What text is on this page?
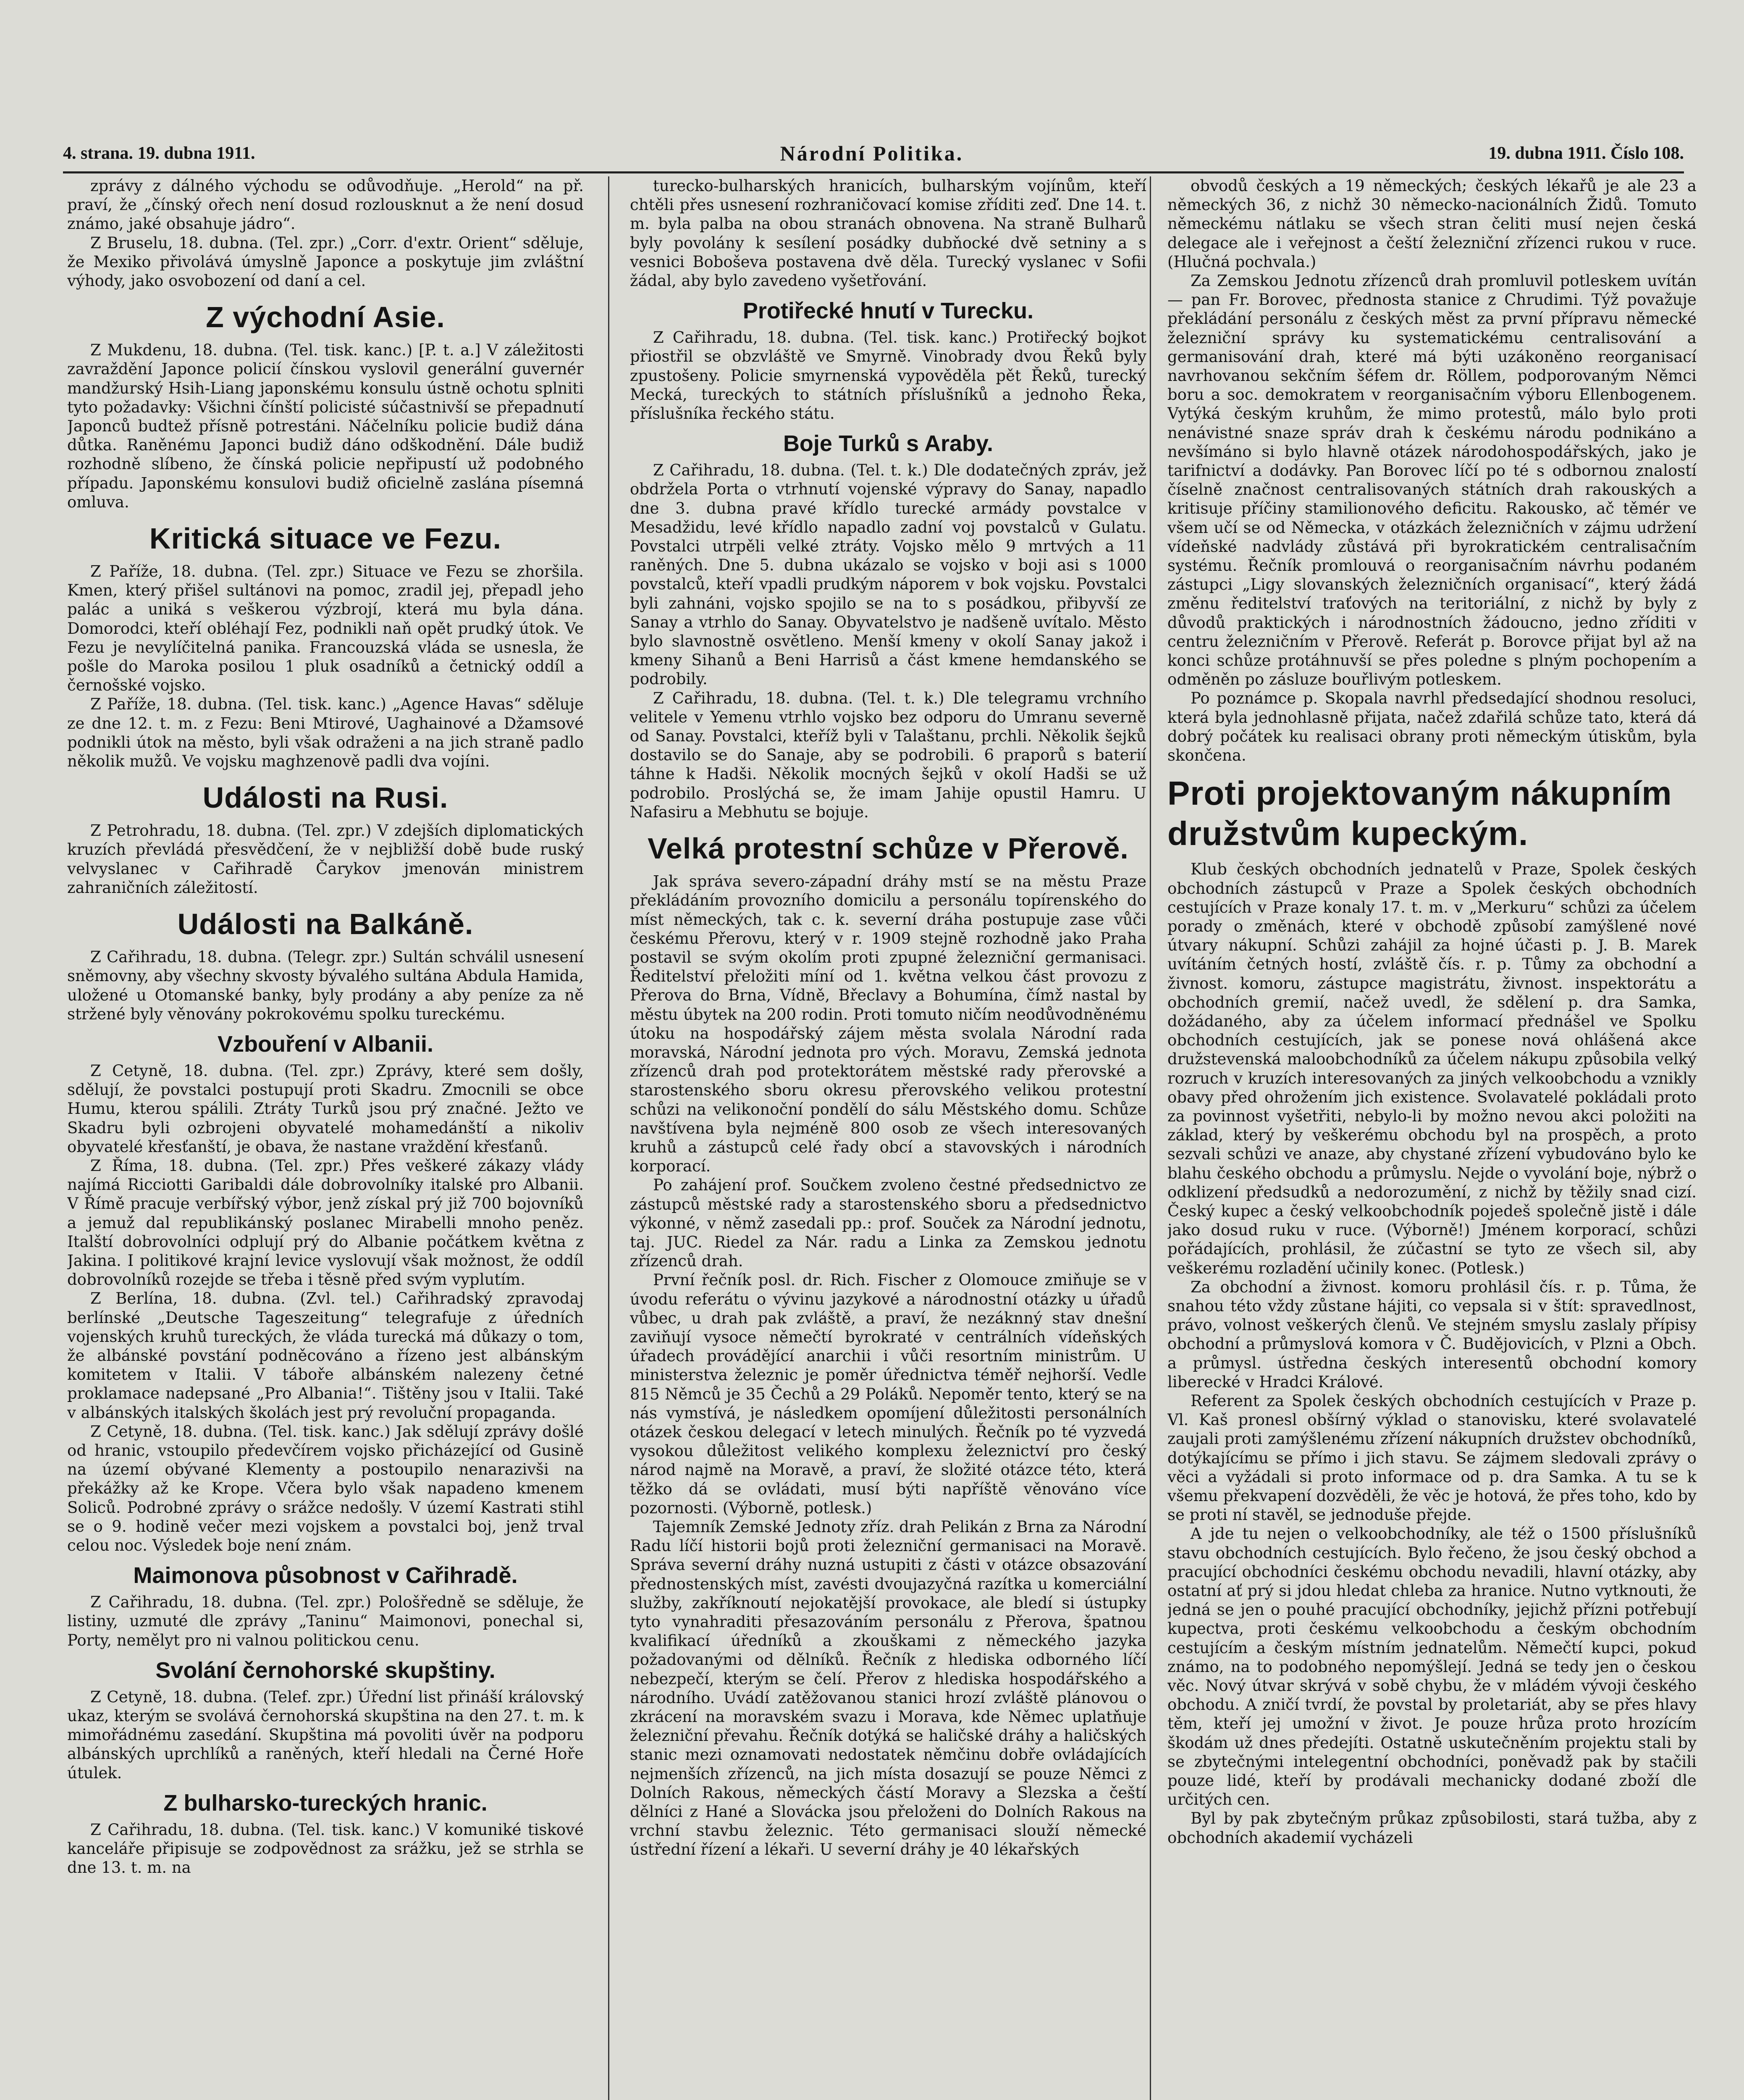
4. strana. 19. dubna 1911.	Národní Politika.	19. dubna 1911. Číslo 108.

zprávy z dálného východu se odůvodňuje. „Herold“ na př. praví, že „čínský ořech není dosud rozlousknut a že není dosud známo, jaké obsahuje jádro“.

Z Bruselu, 18. dubna. (Tel. zpr.) „Corr. d'extr. Orient“ sděluje, že Mexiko přivolává úmyslně Japonce a poskytuje jim zvláštní výhody, jako osvobození od daní a cel.

Z východní Asie.

Z Mukdenu, 18. dubna. (Tel. tisk. kanc.) [P. t. a.] V záležitosti zavraždění Japonce policií čínskou vyslovil generální guvernér mandžurský Hsih-Liang japonskému konsulu ústně ochotu splniti tyto požadavky: Všichni čínští policisté súčastnivší se přepadnutí Japonců budtež přísně potrestáni. Náčelníku policie budiž dána důtka. Raněnému Japonci budiž dáno odškodnění. Dále budiž rozhodně slíbeno, že čínská policie nepřipustí už podobného případu. Japonskému konsulovi budiž oficielně zaslána písemná omluva.

Kritická situace ve Fezu.

Z Paříže, 18. dubna. (Tel. zpr.) Situace ve Fezu se zhoršila. Kmen, který přišel sultánovi na pomoc, zradil jej, přepadl jeho palác a uniká s veškerou výzbrojí, která mu byla dána. Domorodci, kteří obléhají Fez, podnikli naň opět prudký útok. Ve Fezu je nevylíčitelná panika. Francouzská vláda se usnesla, že pošle do Maroka posilou 1 pluk osadníků a četnický oddíl a černošské vojsko.

Z Paříže, 18. dubna. (Tel. tisk. kanc.) „Agence Havas“ sděluje ze dne 12. t. m. z Fezu: Beni Mtirové, Uaghainové a Džamsové podnikli útok na město, byli však odraženi a na jich straně padlo několik mužů. Ve vojsku maghzenově padli dva vojíni.

Události na Rusi.

Z Petrohradu, 18. dubna. (Tel. zpr.) V zdejších diplomatických kruzích převládá přesvědčení, že v nejbližší době bude ruský velvyslanec v Cařihradě Čarykov jmenován ministrem zahraničních záležitostí.

Události na Balkáně.

Z Cařihradu, 18. dubna. (Telegr. zpr.) Sultán schválil usnesení sněmovny, aby všechny skvosty bývalého sultána Abdula Hamida, uložené u Otomanské banky, byly prodány a aby peníze za ně stržené byly věnovány pokrokovému spolku tureckému.

Vzbouření v Albanii.

Z Cetyně, 18. dubna. (Tel. zpr.) Zprávy, které sem došly, sdělují, že povstalci postupují proti Skadru. Zmocnili se obce Humu, kterou spálili. Ztráty Turků jsou prý značné. Ježto ve Skadru byli ozbrojeni obyvatelé mohamedánští a nikoliv obyvatelé křesťanští, je obava, že nastane vraždění křesťanů.

Z Říma, 18. dubna. (Tel. zpr.) Přes veškeré zákazy vlády najímá Ricciotti Garibaldi dále dobrovolníky italské pro Albanii. V Římě pracuje verbířský výbor, jenž získal prý již 700 bojovníků a jemuž dal republikánský poslanec Mirabelli mnoho peněz. Italští dobrovolníci odplují prý do Albanie počátkem května z Jakina. I politikové krajní levice vyslovují však možnost, že oddíl dobrovolníků rozejde se třeba i těsně před svým vyplutím.

Z Berlína, 18. dubna. (Zvl. tel.) Cařihradský zpravodaj berlínské „Deutsche Tageszeitung“ telegrafuje z úředních vojenských kruhů tureckých, že vláda turecká má důkazy o tom, že albánské povstání podněcováno a řízeno jest albánským komitetem v Italii. V táboře albánském nalezeny četné proklamace nadepsané „Pro Albania!“. Tištěny jsou v Italii. Také v albánských italských školách jest prý revoluční propaganda.

Z Cetyně, 18. dubna. (Tel. tisk. kanc.) Jak sdělují zprávy došlé od hranic, vstoupilo předevčírem vojsko přicházející od Gusině na území obývané Klementy a postoupilo nenarazivši na překážky až ke Krope. Včera bylo však napadeno kmenem Soliců. Podrobné zprávy o srážce nedošly. V území Kastrati stihl se o 9. hodině večer mezi vojskem a povstalci boj, jenž trval celou noc. Výsledek boje není znám.

Maimonova působnost v Cařihradě.

Z Cařihradu, 18. dubna. (Tel. zpr.) Pološředně se sděluje, že listiny, uzmuté dle zprávy „Taninu“ Maimonovi, ponechal si, Porty, nemělyt pro ni valnou politickou cenu.

Svolání černohorské skupštiny.

Z Cetyně, 18. dubna. (Telef. zpr.) Úřední list přináší královský ukaz, kterým se svolává černohorská skupština na den 27. t. m. k mimořádnému zasedání. Skupština má povoliti úvěr na podporu albánských uprchlíků a raněných, kteří hledali na Černé Hoře útulek.

Z bulharsko-tureckých hranic.

Z Cařihradu, 18. dubna. (Tel. tisk. kanc.) V komuniké tiskové kanceláře připisuje se zodpovědnost za srážku, jež se strhla se dne 13. t. m. na

turecko-bulharských hranicích, bulharským vojínům, kteří chtěli přes usnesení rozhraničovací komise zříditi zeď. Dne 14. t. m. byla palba na obou stranách obnovena. Na straně Bulharů byly povolány k sesílení posádky dubňocké dvě setniny a s vesnici Boboševa postavena dvě děla. Turecký vyslanec v Sofii žádal, aby bylo zavedeno vyšetřování.

Protiřecké hnutí v Turecku.

Z Cařihradu, 18. dubna. (Tel. tisk. kanc.) Protiřecký bojkot přiostřil se obzvláště ve Smyrně. Vinobrady dvou Řeků byly zpustošeny. Policie smyrnenská vypověděla pět Řeků, turecký Mecká, tureckých to státních příslušníků a jednoho Řeka, příslušníka řeckého státu.

Boje Turků s Araby.

Z Cařihradu, 18. dubna. (Tel. t. k.) Dle dodatečných zpráv, jež obdržela Porta o vtrhnutí vojenské výpravy do Sanay, napadlo dne 3. dubna pravé křídlo turecké armády povstalce v Mesadžidu, levé křídlo napadlo zadní voj povstalců v Gulatu. Povstalci utrpěli velké ztráty. Vojsko mělo 9 mrtvých a 11 raněných. Dne 5. dubna ukázalo se vojsko v boji asi s 1000 povstalců, kteří vpadli prudkým náporem v bok vojsku. Povstalci byli zahnáni, vojsko spojilo se na to s posádkou, přibyvší ze Sanay a vtrhlo do Sanay. Obyvatelstvo je nadšeně uvítalo. Město bylo slavnostně osvětleno. Menší kmeny v okolí Sanay jakož i kmeny Sihanů a Beni Harrisů a část kmene hemdanského se podrobily.

Z Cařihradu, 18. dubna. (Tel. t. k.) Dle telegramu vrchního velitele v Yemenu vtrhlo vojsko bez odporu do Umranu severně od Sanay. Povstalci, kteříž byli v Talaštanu, prchli. Několik šejků dostavilo se do Sanaje, aby se podrobili. 6 praporů s baterií táhne k Hadši. Několik mocných šejků v okolí Hadši se už podrobilo. Proslýchá se, že imam Jahije opustil Hamru. U Nafasiru a Mebhutu se bojuje.

Velká protestní schůze v Přerově.

Jak správa severo-západní dráhy mstí se na městu Praze překládáním provozního domicilu a personálu topírenského do míst německých, tak c. k. severní dráha postupuje zase vůči českému Přerovu, který v r. 1909 stejně rozhodně jako Praha postavil se svým okolím proti zpupné železniční germanisaci. Ředitelství přeložiti míní od 1. května velkou část provozu z Přerova do Brna, Vídně, Břeclavy a Bohumína, čímž nastal by městu úbytek na 200 rodin. Proti tomuto ničím neodůvodněnému útoku na hospodářský zájem města svolala Národní rada moravská, Národní jednota pro vých. Moravu, Zemská jednota zřízenců drah pod protektorátem městské rady přerovské a starostenského sboru okresu přerovského velikou protestní schůzi na velikonoční pondělí do sálu Městského domu. Schůze navštívena byla nejméně 800 osob ze všech interesovaných kruhů a zástupců celé řady obcí a stavovských i národních korporací.

Po zahájení prof. Součkem zvoleno čestné předsednictvo ze zástupců městské rady a starostenského sboru a předsednictvo výkonné, v němž zasedali pp.: prof. Souček za Národní jednotu, taj. JUC. Riedel za Nár. radu a Linka za Zemskou jednotu zřízenců drah.

První řečník posl. dr. Rich. Fischer z Olomouce zmiňuje se v úvodu referátu o vývinu jazykové a národnostní otázky u úřadů vůbec, u drah pak zvláště, a praví, že nezáknný stav dnešní zaviňují vysoce němečtí byrokraté v centrálních vídeňských úřadech provádějící anarchii i vůči resortním ministrům. U ministerstva železnic je poměr úřednictva téměř nejhorší. Vedle 815 Němců je 35 Čechů a 29 Poláků. Nepoměr tento, který se na nás vymstívá, je následkem opomíjení důležitosti personálních otázek českou delegací v letech minulých. Řečník po té vyzvedá vysokou důležitost velikého komplexu železnictví pro český národ najmě na Moravě, a praví, že složité otázce této, která těžko dá se ovládati, musí býti napříště věnováno více pozornosti. (Výborně, potlesk.)

Tajemník Zemské Jednoty zříz. drah Pelikán z Brna za Národní Radu líčí historii bojů proti železniční germanisaci na Moravě. Správa severní dráhy nuzná ustupiti z části v otázce obsazování přednostenských míst, zavésti dvoujazyčná razítka u komerciální služby, zakříknoutí nejokatější provokace, ale bledí si ústupky tyto vynahraditi přesazováním personálu z Přerova, špatnou kvalifikací úředníků a zkouškami z německého jazyka požadovanými od dělníků. Řečník z hlediska odborného líčí nebezpečí, kterým se čelí. Přerov z hlediska hospodářského a národního. Uvádí zatěžovanou stanici hrozí zvláště plánovou o zkrácení na moravském svazu i Morava, kde Němec uplatňuje železniční převahu. Řečník dotýká se haličské dráhy a haličských stanic mezi oznamovati nedostatek němčinu dobře ovládajících nejmenších zřízenců, na jich místa dosazují se pouze Němci z Dolních Rakous, německých částí Moravy a Slezska a čeští dělníci z Hané a Slovácka jsou přeloženi do Dolních Rakous na vrchní stavbu železnic. Této germanisaci slouží německé ústřední řízení a lékaři. U severní dráhy je 40 lékařských

obvodů českých a 19 německých; českých lékařů je ale 23 a německých 36, z nichž 30 německo-nacionálních Židů. Tomuto německému nátlaku se všech stran čeliti musí nejen česká delegace ale i veřejnost a čeští železniční zřízenci rukou v ruce. (Hlučná pochvala.)

Za Zemskou Jednotu zřízenců drah promluvil potleskem uvítán — pan Fr. Borovec, přednosta stanice z Chrudimi. Týž považuje překládání personálu z českých měst za první přípravu německé železniční správy ku systematickému centralisování a germanisování drah, které má býti uzákoněno reorganisací navrhovanou sekčním šéfem dr. Röllem, podporovaným Němci boru a soc. demokratem v reorganisačním výboru Ellenbogenem. Vytýká českým kruhům, že mimo protestů, málo bylo proti nenávistné snaze správ drah k českému národu podnikáno a nevšímáno si bylo hlavně otázek národohospodářských, jako je tarifnictví a dodávky. Pan Borovec líčí po té s odbornou znalostí číselně značnost centralisovaných státních drah rakouských a kritisuje příčiny stamilionového deficitu. Rakousko, ač těmér ve všem učí se od Německa, v otázkách železničních v zájmu udržení vídeňské nadvlády zůstává při byrokratickém centralisačním systému. Řečník promlouvá o reorganisačním návrhu podaném zástupci „Ligy slovanských železničních organisací“, který žádá změnu ředitelství traťových na teritoriální, z nichž by byly z důvodů praktických i národnostních žádoucno, jedno zříditi v centru železničním v Přerově. Referát p. Borovce přijat byl až na konci schůze protáhnuvší se přes poledne s plným pochopením a odměněn po zásluze bouřlivým potleskem.

Po poznámce p. Skopala navrhl předsedající shodnou resoluci, která byla jednohlasně přijata, načež zdařilá schůze tato, která dá dobrý počátek ku realisaci obrany proti německým útiskům, byla skončena.

Proti projektovaným nákupním družstvům kupeckým.

Klub českých obchodních jednatelů v Praze, Spolek českých obchodních zástupců v Praze a Spolek českých obchodních cestujících v Praze konaly 17. t. m. v „Merkuru“ schůzi za účelem porady o změnách, které v obchodě způsobí zamýšlené nové útvary nákupní. Schůzi zahájil za hojné účasti p. J. B. Marek uvítáním četných hostí, zvláště čís. r. p. Tůmy za obchodní a živnost. komoru, zástupce magistrátu, živnost. inspektorátu a obchodních gremií, načež uvedl, že sdělení p. dra Samka, dožádaného, aby za účelem informací přednášel ve Spolku obchodních cestujících, jak se ponese nová ohlášená akce družstevenská maloobchodníků za účelem nákupu způsobila velký rozruch v kruzích interesovaných za jiných velkoobchodu a vznikly obavy před ohrožením jich existence. Svolavatelé pokládali proto za povinnost vyšetřiti, nebylo-li by možno nevou akci položiti na základ, který by veškerému obchodu byl na prospěch, a proto sezvali schůzi ve anaze, aby chystané zřízení vybudováno bylo ke blahu českého obchodu a průmyslu. Nejde o vyvolání boje, nýbrž o odklizení předsudků a nedorozumění, z nichž by těžily snad cizí. Český kupec a český velkoobchodník pojedeš společně jistě i dále jako dosud ruku v ruce. (Výborně!) Jménem korporací, schůzi pořádajících, prohlásil, že zúčastní se tyto ze všech sil, aby veškerému rozladění učinily konec. (Potlesk.)

Za obchodní a živnost. komoru prohlásil čís. r. p. Tůma, že snahou této vždy zůstane hájiti, co vepsala si v štít: spravedlnost, právo, volnost veškerých členů. Ve stejném smyslu zaslaly přípisy obchodní a průmyslová komora v Č. Budějovicích, v Plzni a Obch. a průmysl. ústředna českých interesentů obchodní komory liberecké v Hradci Králové.

Referent za Spolek českých obchodních cestujících v Praze p. Vl. Kaš pronesl obšírný výklad o stanovisku, které svolavatelé zaujali proti zamýšlenému zřízení nákupních družstev obchodníků, dotýkajícímu se přímo i jich stavu. Se zájmem sledovali zprávy o věci a vyžádali si proto informace od p. dra Samka. A tu se k všemu překvapení dozvěděli, že věc je hotová, že přes toho, kdo by se proti ní stavěl, se jednoduše přejde.

A jde tu nejen o velkoobchodníky, ale též o 1500 příslušníků stavu obchodních cestujících. Bylo řečeno, že jsou český obchod a pracující obchodníci českému obchodu nevadili, hlavní otázky, aby ostatní ať prý si jdou hledat chleba za hranice. Nutno vytknouti, že jedná se jen o pouhé pracující obchodníky, jejichž přízni potřebují kupectva, proti českému velkoobchodu a českým obchodním cestujícím a českým místním jednatelům. Němečtí kupci, pokud známo, na to podobného nepomýšlejí. Jedná se tedy jen o českou věc. Nový útvar skrývá v sobě chybu, že v mládém vývoji českého obchodu. A zničí tvrdí, že povstal by proletariát, aby se přes hlavy těm, kteří jej umožní v život. Je pouze hrůza proto hrozícím škodám už dnes předejíti. Ostatně uskutečněním projektu stali by se zbytečnými intelegentní obchodníci, poněvadž pak by stačili pouze lidé, kteří by prodávali mechanicky dodané zboží dle určitých cen.

Byl by pak zbytečným průkaz způsobilosti, stará tužba, aby z obchodních akademií vycházeli
